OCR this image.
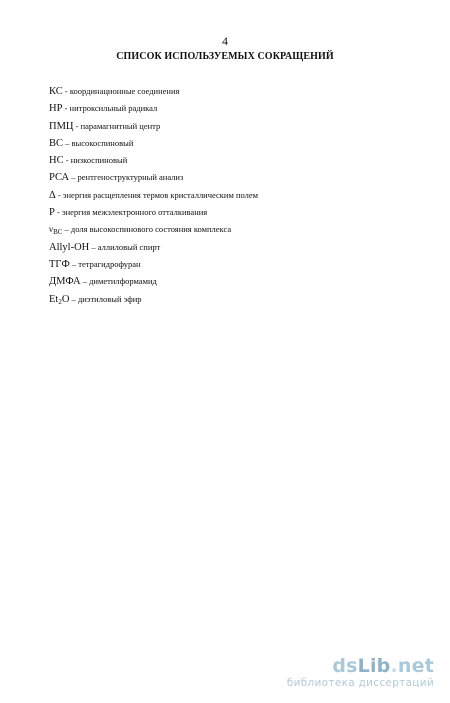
4
СПИСОК ИСПОЛЬЗУЕМЫХ СОКРАЩЕНИЙ
КС - координационные соединения
НР - нитроксильный радикал
ПМЦ - парамагнитный центр
ВС – высокоспиновый
НС - низкоспиновый
РСА – рентгеноструктурный анализ
Δ - энергия расщепления термов кристаллическим полем
P - энергия межэлектронного отталкивания
$\nu_{ВС}$ – доля высокоспинового состояния комплекса
Allyl-OH – аллиловый спирт
ТГФ – тетрагидрофуран
ДМФА – диметилформамид
$Et_2O$ – диэтиловый эфир
dsLib.net
библиотека диссертаций
